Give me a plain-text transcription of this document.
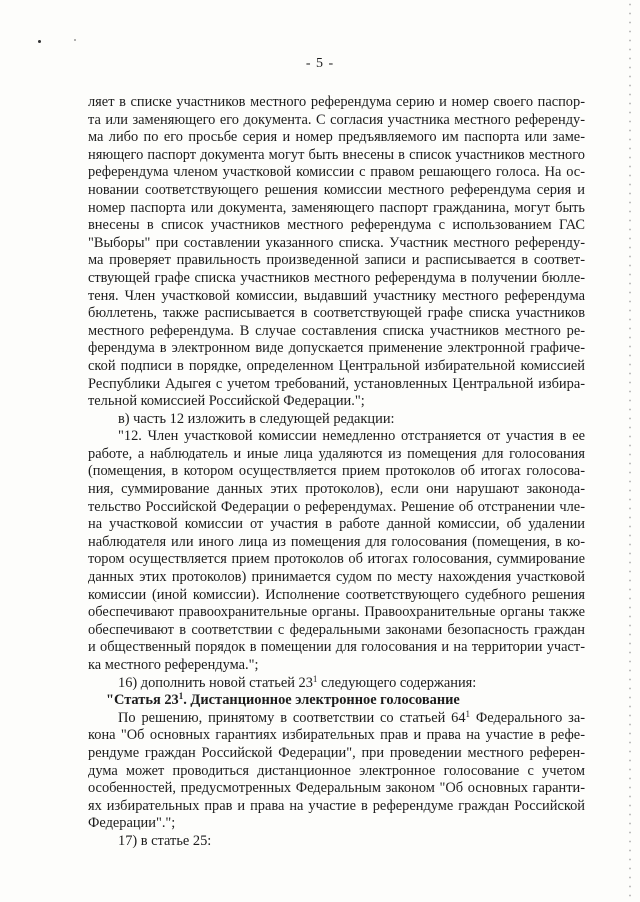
- 5 -
ляет в списке участников местного референдума серию и номер своего паспор-
та или заменяющего его документа. С согласия участника местного референду-
ма либо по его просьбе серия и номер предъявляемого им паспорта или заме-
няющего паспорт документа могут быть внесены в список участников местного
референдума членом участковой комиссии с правом решающего голоса. На ос-
новании соответствующего решения комиссии местного референдума серия и
номер паспорта или документа, заменяющего паспорт гражданина, могут быть
внесены в список участников местного референдума с использованием ГАС
"Выборы" при составлении указанного списка. Участник местного референду-
ма проверяет правильность произведенной записи и расписывается в соответ-
ствующей графе списка участников местного референдума в получении бюлле-
теня. Член участковой комиссии, выдавший участнику местного референдума
бюллетень, также расписывается в соответствующей графе списка участников
местного референдума. В случае составления списка участников местного ре-
ферендума в электронном виде допускается применение электронной графиче-
ской подписи в порядке, определенном Центральной избирательной комиссией
Республики Адыгея с учетом требований, установленных Центральной избира-
тельной комиссией Российской Федерации.";
в) часть 12 изложить в следующей редакции:
"12. Член участковой комиссии немедленно отстраняется от участия в ее
работе, а наблюдатель и иные лица удаляются из помещения для голосования
(помещения, в котором осуществляется прием протоколов об итогах голосова-
ния, суммирование данных этих протоколов), если они нарушают законода-
тельство Российской Федерации о референдумах. Решение об отстранении чле-
на участковой комиссии от участия в работе данной комиссии, об удалении
наблюдателя или иного лица из помещения для голосования (помещения, в ко-
тором осуществляется прием протоколов об итогах голосования, суммирование
данных этих протоколов) принимается судом по месту нахождения участковой
комиссии (иной комиссии). Исполнение соответствующего судебного решения
обеспечивают правоохранительные органы. Правоохранительные органы также
обеспечивают в соответствии с федеральными законами безопасность граждан
и общественный порядок в помещении для голосования и на территории участ-
ка местного референдума.";
16) дополнить новой статьей $23^1$ следующего содержания:
"Статья $23^1$. Дистанционное электронное голосование
По решению, принятому в соответствии со статьей $64^1$ Федерального за-
кона "Об основных гарантиях избирательных прав и права на участие в рефе-
рендуме граждан Российской Федерации", при проведении местного референ-
дума может проводиться дистанционное электронное голосование с учетом
особенностей, предусмотренных Федеральным законом "Об основных гаранти-
ях избирательных прав и права на участие в референдуме граждан Российской
Федерации".";
17) в статье 25:
